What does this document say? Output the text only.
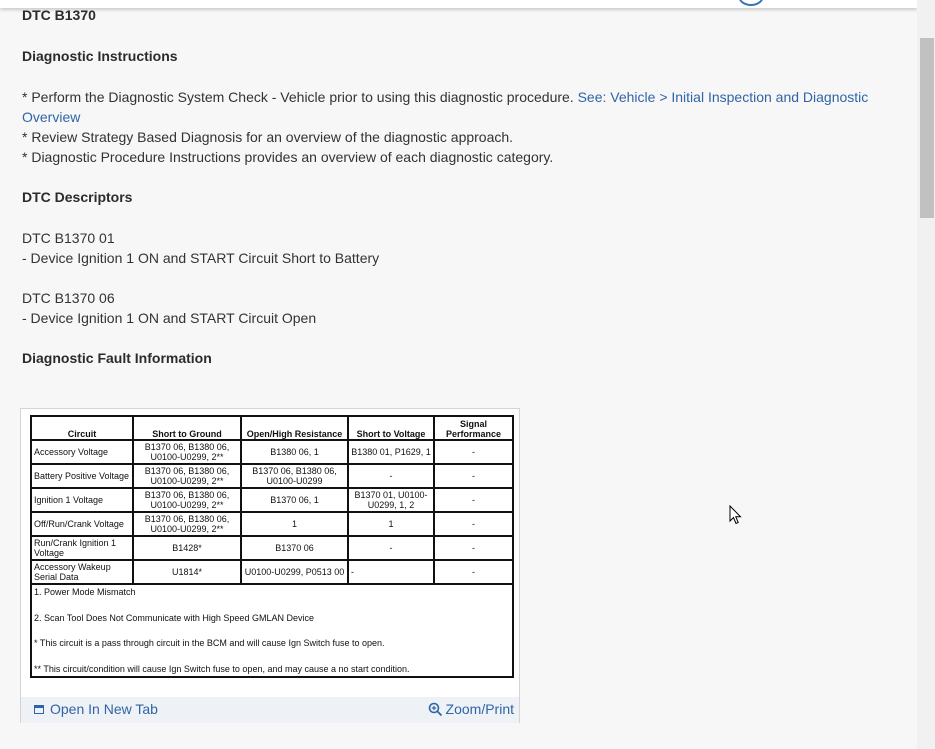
DTC B1370
Diagnostic Instructions
* Perform the Diagnostic System Check - Vehicle prior to using this diagnostic procedure. See: Vehicle > Initial Inspection and Diagnostic
Overview
* Review Strategy Based Diagnosis for an overview of the diagnostic approach.
* Diagnostic Procedure Instructions provides an overview of each diagnostic category.
DTC Descriptors
DTC B1370 01
- Device Ignition 1 ON and START Circuit Short to Battery
DTC B1370 06
- Device Ignition 1 ON and START Circuit Open
Diagnostic Fault Information
Circuit	Short to Ground	Open/High Resistance	Short to Voltage	Signal Performance
Accessory Voltage	B1370 06, B1380 06, U0100-U0299, 2**	B1380 06, 1	B1380 01, P1629, 1	-
Battery Positive Voltage	B1370 06, B1380 06, U0100-U0299, 2**	B1370 06, B1380 06, U0100-U0299	-	-
Ignition 1 Voltage	B1370 06, B1380 06, U0100-U0299, 2**	B1370 06, 1	B1370 01, U0100-U0299, 1, 2	-
Off/Run/Crank Voltage	B1370 06, B1380 06, U0100-U0299, 2**	1	1	-
Run/Crank Ignition 1 Voltage	B1428*	B1370 06	-	-
Accessory Wakeup Serial Data	U1814*	U0100-U0299, P0513 00	-	-

1. Power Mode Mismatch
2. Scan Tool Does Not Communicate with High Speed GMLAN Device
* This circuit is a pass through circuit in the BCM and will cause Ign Switch fuse to open.
** This circuit/condition will cause Ign Switch fuse to open, and may cause a no start condition.				
Open In New Tab	Zoom/Print
